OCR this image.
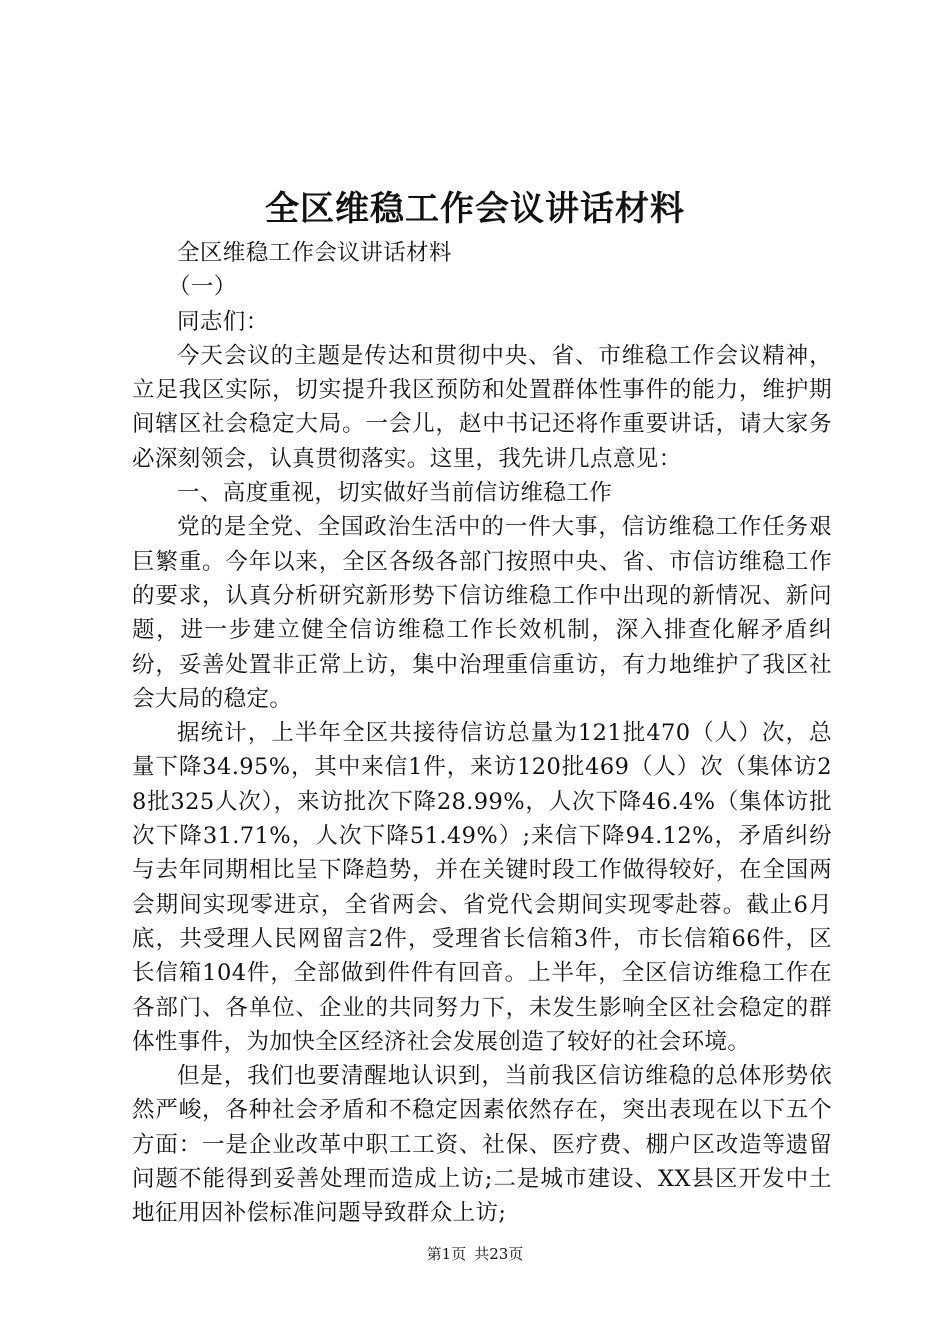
全区维稳工作会议讲话材料

全区维稳工作会议讲话材料

（一）

同志们：

今天会议的主题是传达和贯彻中央、省、市维稳工作会议精神，立足我区实际，切实提升我区预防和处置群体性事件的能力，维护期间辖区社会稳定大局。一会儿，赵中书记还将作重要讲话，请大家务必深刻领会，认真贯彻落实。这里，我先讲几点意见：

一、高度重视，切实做好当前信访维稳工作

党的是全党、全国政治生活中的一件大事，信访维稳工作任务艰巨繁重。今年以来，全区各级各部门按照中央、省、市信访维稳工作的要求，认真分析研究新形势下信访维稳工作中出现的新情况、新问题，进一步建立健全信访维稳工作长效机制，深入排查化解矛盾纠纷，妥善处置非正常上访，集中治理重信重访，有力地维护了我区社会大局的稳定。

据统计，上半年全区共接待信访总量为121批470（人）次，总量下降34.95%，其中来信1件，来访120批469（人）次（集体访28批325人次），来访批次下降28.99%，人次下降46.4%（集体访批次下降31.71%，人次下降51.49%）;来信下降94.12%，矛盾纠纷与去年同期相比呈下降趋势，并在关键时段工作做得较好，在全国两会期间实现零进京，全省两会、省党代会期间实现零赴蓉。截止6月底，共受理人民网留言2件，受理省长信箱3件，市长信箱66件，区长信箱104件，全部做到件件有回音。上半年，全区信访维稳工作在各部门、各单位、企业的共同努力下，未发生影响全区社会稳定的群体性事件，为加快全区经济社会发展创造了较好的社会环境。

但是，我们也要清醒地认识到，当前我区信访维稳的总体形势依然严峻，各种社会矛盾和不稳定因素依然存在，突出表现在以下五个方面：一是企业改革中职工工资、社保、医疗费、棚户区改造等遗留问题不能得到妥善处理而造成上访;二是城市建设、XX县区开发中土地征用因补偿标准问题导致群众上访;

第1页 共23页
